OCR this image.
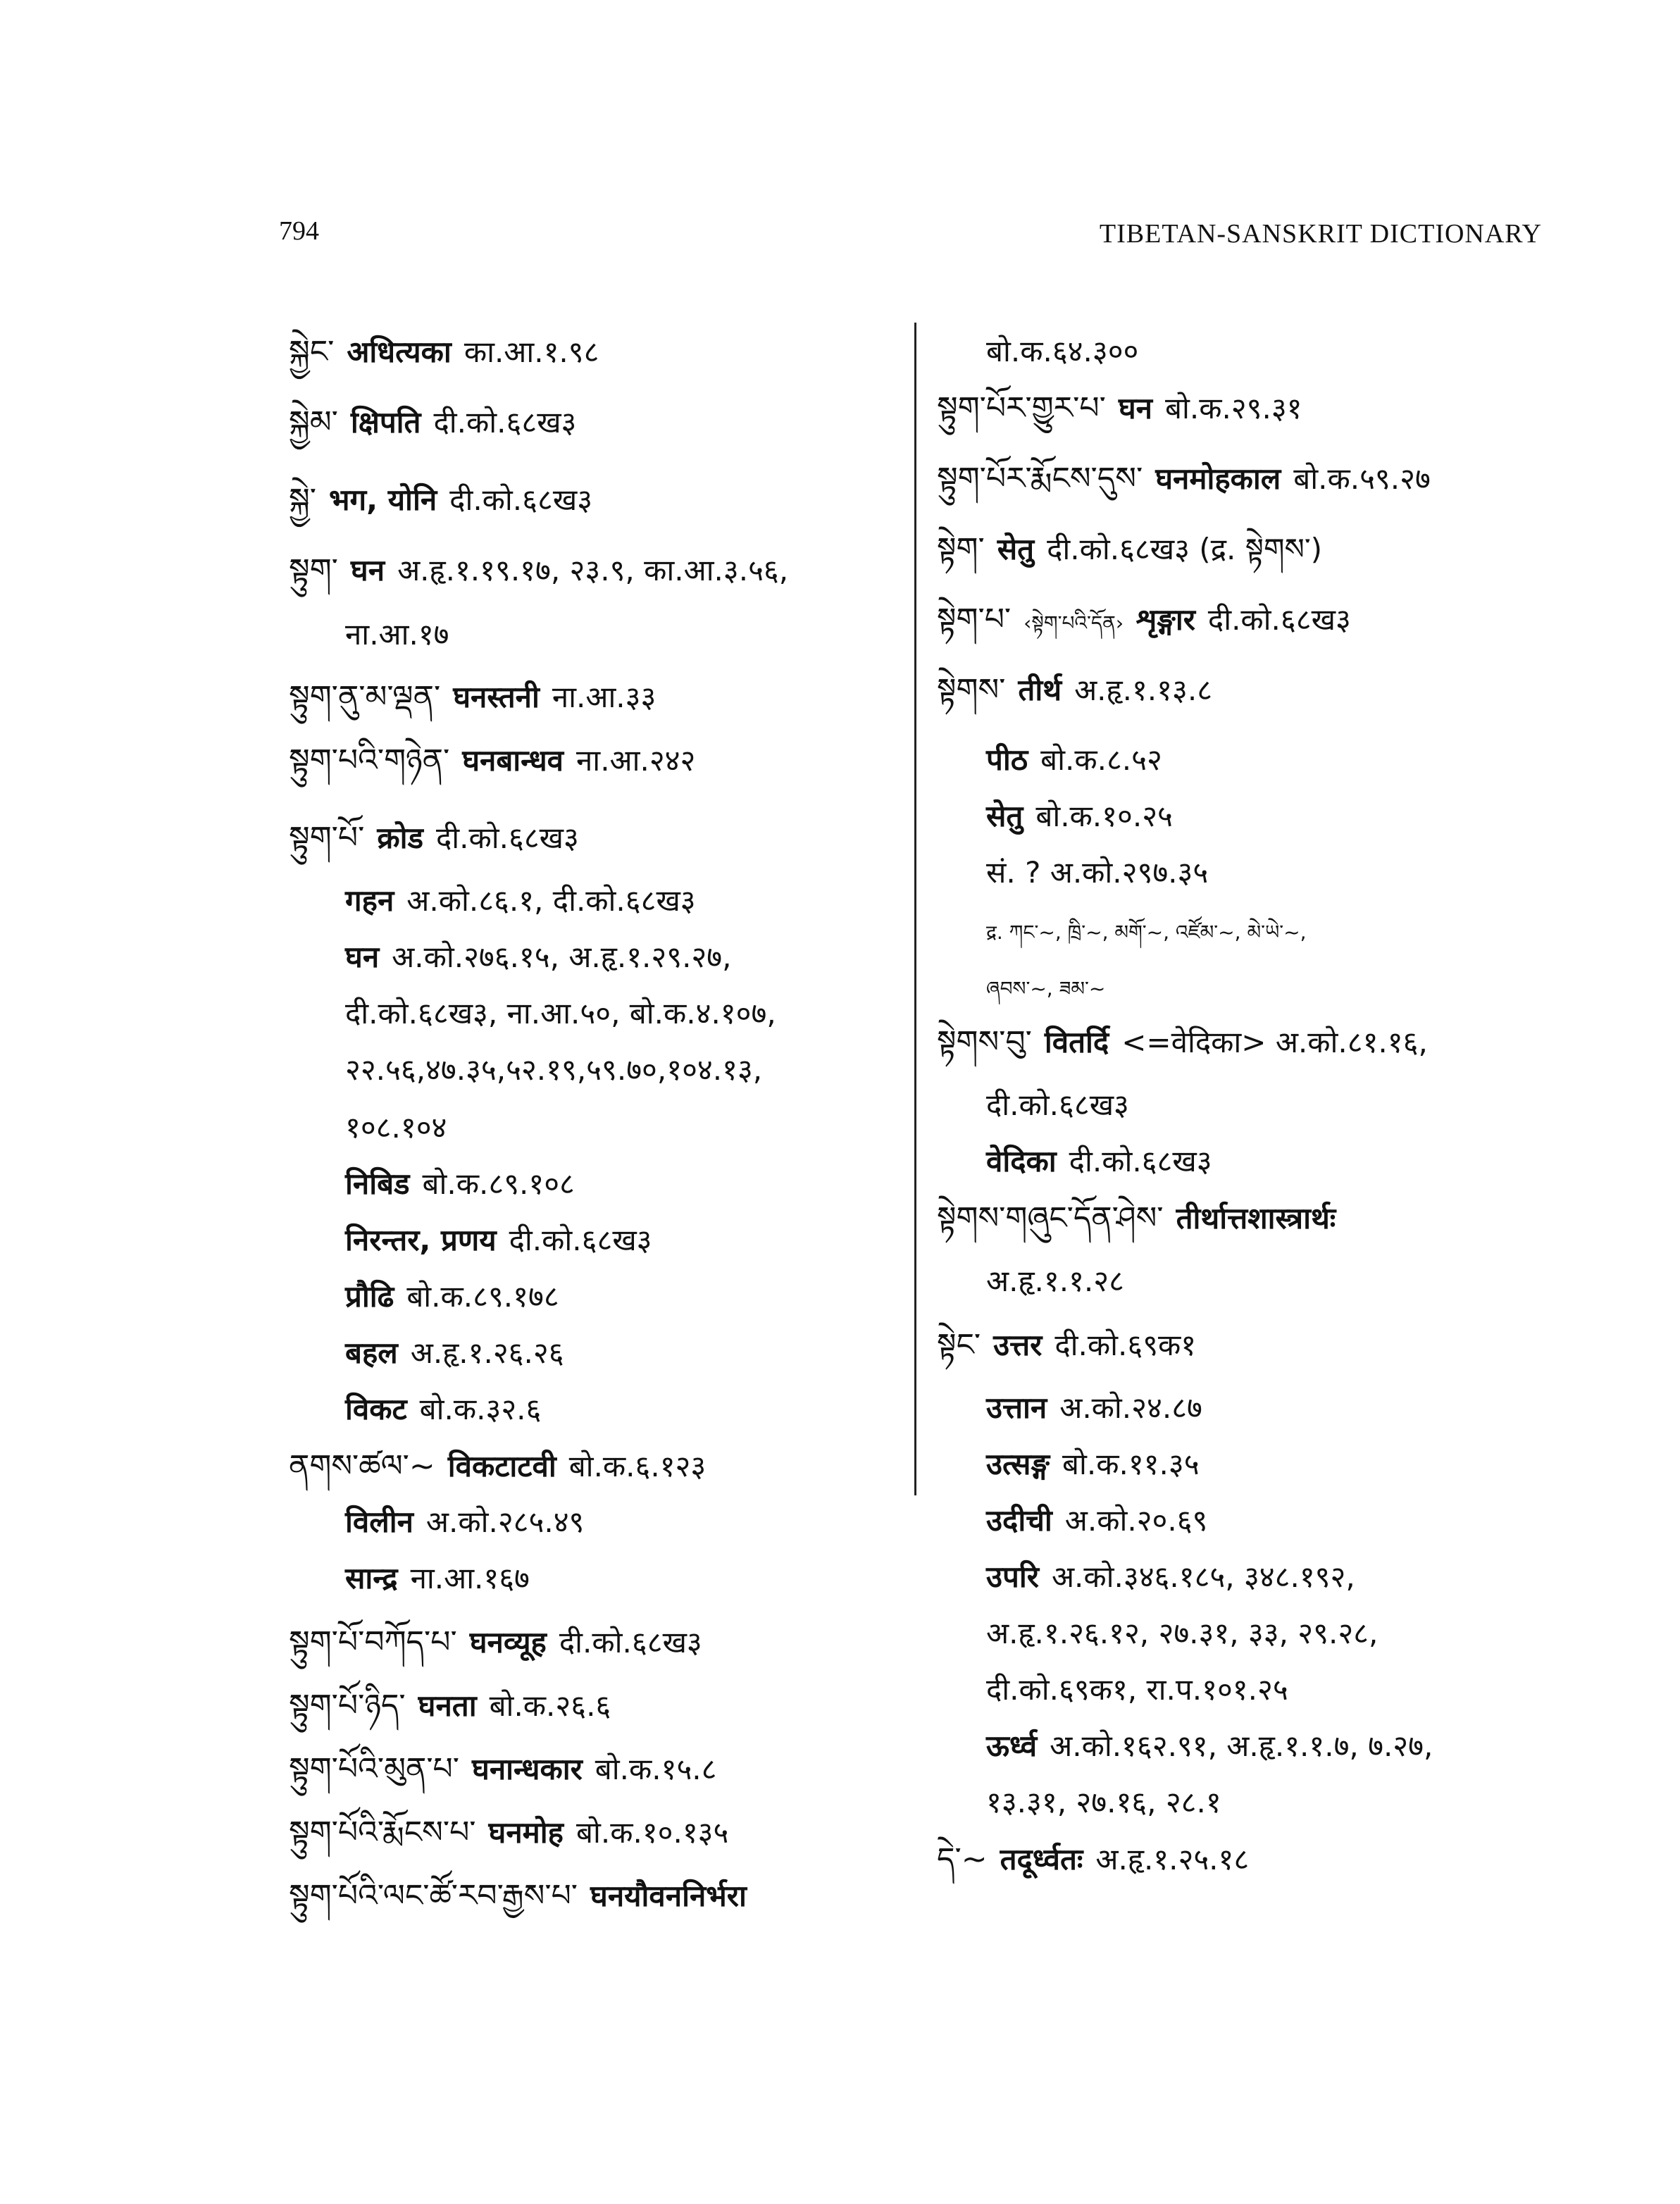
794	TIBETAN-SANSKRIT DICTIONARY
སྐྱེང་ अधित्यका का.आ.१.९८
སྐྱེམ་ क्षिपति दी.को.६८ख३
སྐྱེ་ भग, योनि दी.को.६८ख३
སྟུག་ घन अ.हृ.१.१९.१७, २३.९, का.आ.३.५६,
ना.आ.१७
སྟུག་ནུ་མ་ལྡན་ घनस्तनी ना.आ.३३
སྟུག་པའི་གཉེན་ घनबान्धव ना.आ.२४२
སྟུག་པོ་ क्रोड दी.को.६८ख३
गहन अ.को.८६.१, दी.को.६८ख३
घन अ.को.२७६.१५, अ.हृ.१.२९.२७,
दी.को.६८ख३, ना.आ.५०, बो.क.४.१०७,
२२.५६,४७.३५,५२.१९,५९.७०,१०४.१३,
१०८.१०४
निबिड बो.क.८९.१०८
निरन्तर, प्रणय दी.को.६८ख३
प्रौढि बो.क.८९.१७८
बहल अ.हृ.१.२६.२६
विकट बो.क.३२.६
ནགས་ཚལ་~ विकटाटवी बो.क.६.१२३
विलीन अ.को.२८५.४९
सान्द्र ना.आ.१६७
སྟུག་པོ་བཀོད་པ་ घनव्यूह दी.को.६८ख३
སྟུག་པོ་ཉིད་ घनता बो.क.२६.६
སྟུག་པོའི་མུན་པ་ घनान्धकार बो.क.१५.८
སྟུག་པོའི་རྨོངས་པ་ घनमोह बो.क.१०.१३५
སྟུག་པོའི་ལང་ཚོ་རབ་རྒྱས་པ་ घनयौवननिर्भरा
बो.क.६४.३००
སྟུག་པོར་གྱུར་པ་ घन बो.क.२९.३१
སྟུག་པོར་རྨོངས་དུས་ घनमोहकाल बो.क.५९.२७
སྟེག་ सेतु दी.को.६८ख३ (द्र. སྟེགས་)
སྟེག་པ་ ‹སྟེག་པའི་དོན› शृङ्गार दी.को.६८ख३
སྟེགས་ तीर्थ अ.हृ.१.१३.८
पीठ बो.क.८.५२
सेतु बो.क.१०.२५
सं. ? अ.को.२९७.३५
द्र. ཀང་~, ཁྲི་~, མགོ་~, འཛོམ་~, མེ་ཡེ་~,
ཞབས་~, ཟམ་~
སྟེགས་བུ་ वितर्दि <=वेदिका> अ.को.८१.१६,
दी.को.६८ख३
वेदिका दी.को.६८ख३
སྟེགས་གཞུང་དོན་ཤེས་ तीर्थात्तशास्त्रार्थः
अ.हृ.१.१.२८
སྟེང་ उत्तर दी.को.६९क१
उत्तान अ.को.२४.८७
उत्सङ्ग बो.क.११.३५
उदीची अ.को.२०.६९
उपरि अ.को.३४६.१८५, ३४८.१९२,
अ.हृ.१.२६.१२, २७.३१, ३३, २९.२८,
दी.को.६९क१, रा.प.१०१.२५
ऊर्ध्व अ.को.१६२.९१, अ.हृ.१.१.७, ७.२७,
१३.३१, २७.१६, २८.१
དེ་~ तदूर्ध्वतः अ.हृ.१.२५.१८
